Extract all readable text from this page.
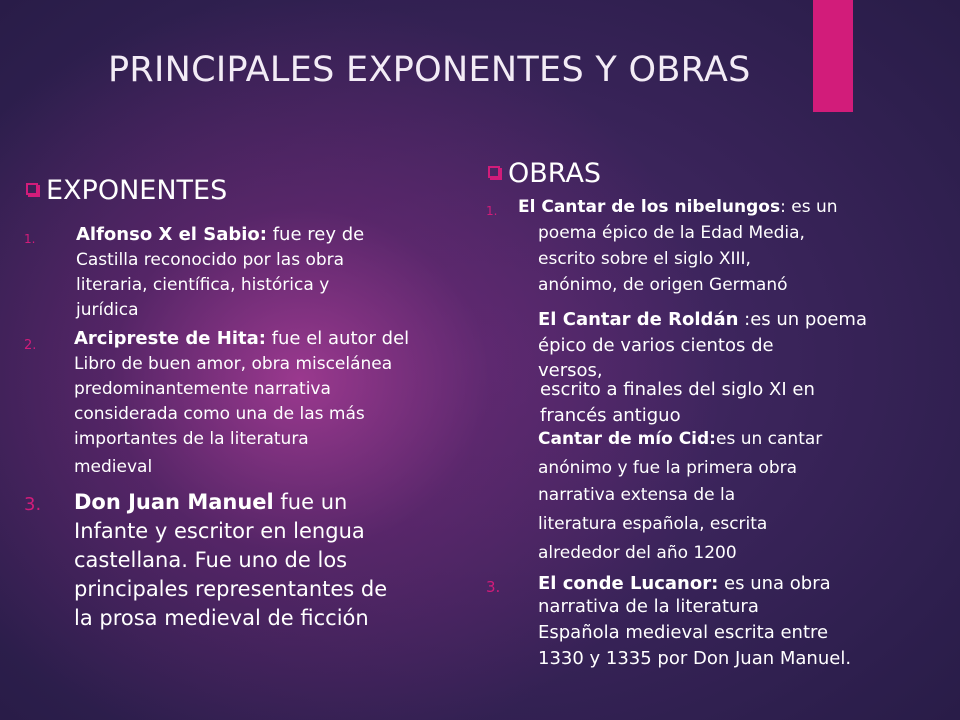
PRINCIPALES EXPONENTES Y OBRAS
EXPONENTES
1. Alfonso X el Sabio: fue rey de
Castilla reconocido por las obra
literaria, científica, histórica y
jurídica
2. Arcipreste de Hita: fue el autor del
Libro de buen amor, obra miscelánea
predominantemente narrativa
considerada como una de las más
importantes de la literatura
medieval
3. Don Juan Manuel fue un
Infante y escritor en lengua
castellana. Fue uno de los
principales representantes de
la prosa medieval de ficción
OBRAS
1. El Cantar de los nibelungos: es un
poema épico de la Edad Media,
escrito sobre el siglo XIII,
anónimo, de origen Germanó
El Cantar de Roldán :es un poema
épico de varios cientos de
versos,
escrito a finales del siglo XI en
francés antiguo
Cantar de mío Cid:es un cantar
anónimo y fue la primera obra
narrativa extensa de la
literatura española, escrita
alrededor del año 1200
3. El conde Lucanor: es una obra
narrativa de la literatura
Española medieval escrita entre
1330 y 1335 por Don Juan Manuel.
